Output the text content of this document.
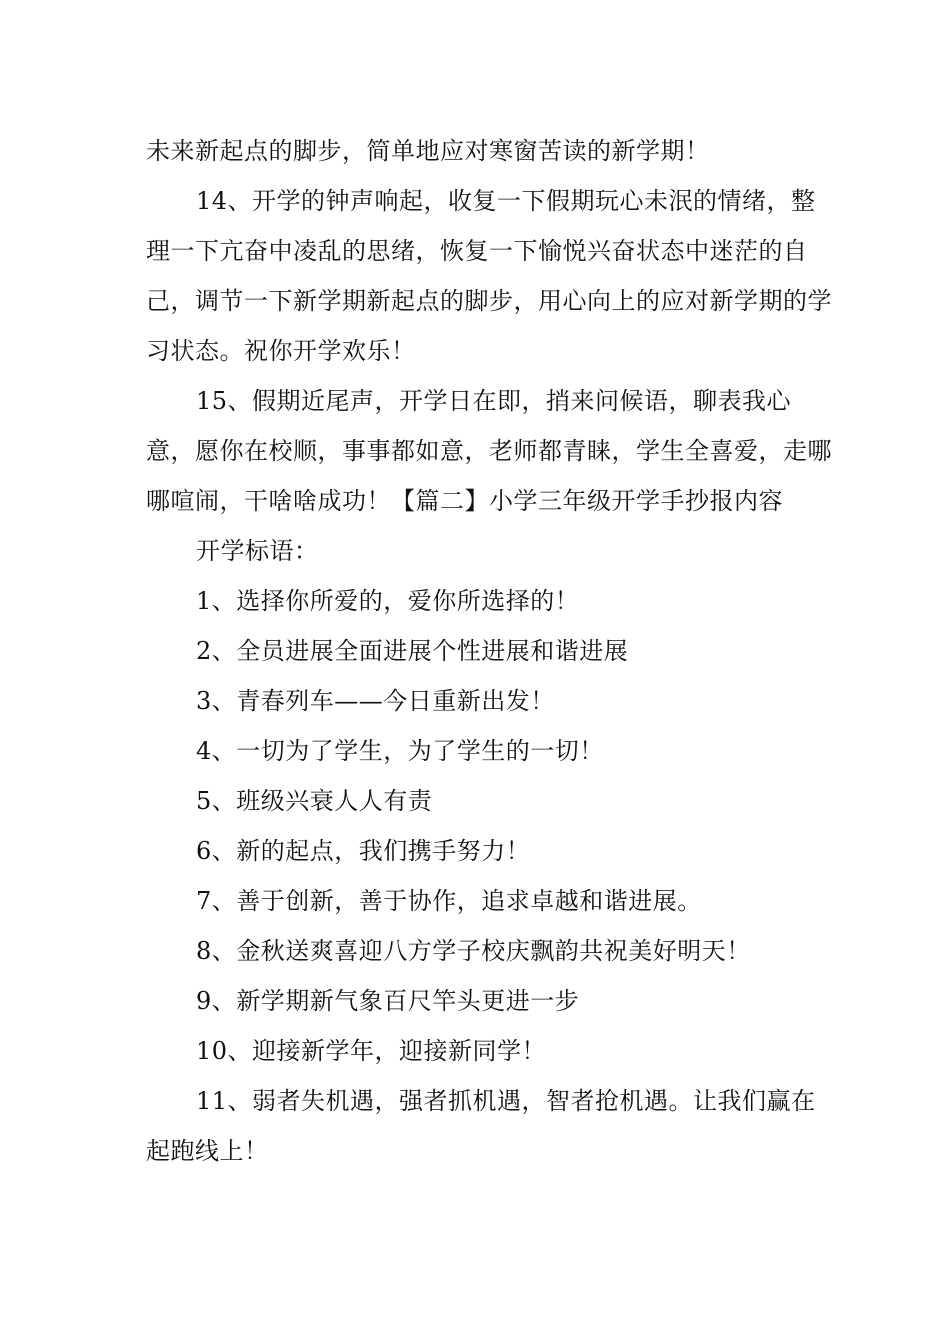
未来新起点的脚步，简单地应对寒窗苦读的新学期！

14、开学的钟声响起，收复一下假期玩心未泯的情绪，整理一下亢奋中凌乱的思绪，恢复一下愉悦兴奋状态中迷茫的自己，调节一下新学期新起点的脚步，用心向上的应对新学期的学习状态。祝你开学欢乐！

15、假期近尾声，开学日在即，捎来问候语，聊表我心意，愿你在校顺，事事都如意，老师都青睐，学生全喜爱，走哪哪喧闹，干啥啥成功！【篇二】小学三年级开学手抄报内容

开学标语：

1、选择你所爱的，爱你所选择的！

2、全员进展全面进展个性进展和谐进展

3、青春列车——今日重新出发！

4、一切为了学生，为了学生的一切！

5、班级兴衰人人有责

6、新的起点，我们携手努力！

7、善于创新，善于协作，追求卓越和谐进展。

8、金秋送爽喜迎八方学子校庆飘韵共祝美好明天！

9、新学期新气象百尺竿头更进一步

10、迎接新学年，迎接新同学！

11、弱者失机遇，强者抓机遇，智者抢机遇。让我们赢在起跑线上！
